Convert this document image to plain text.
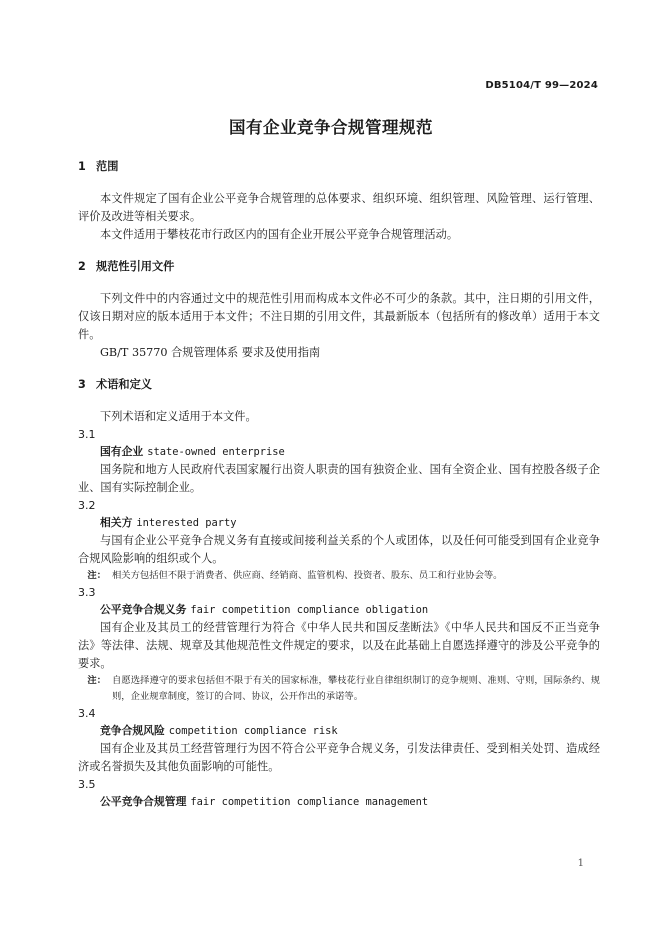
DB5104/T 99—2024
国有企业竞争合规管理规范
1 范围

本文件规定了国有企业公平竞争合规管理的总体要求、组织环境、组织管理、风险管理、运行管理、评价及改进等相关要求。

本文件适用于攀枝花市行政区内的国有企业开展公平竞争合规管理活动。

2 规范性引用文件

下列文件中的内容通过文中的规范性引用而构成本文件必不可少的条款。其中，注日期的引用文件，仅该日期对应的版本适用于本文件；不注日期的引用文件，其最新版本（包括所有的修改单）适用于本文件。

GB/T 35770 合规管理体系 要求及使用指南

3 术语和定义

下列术语和定义适用于本文件。

3.1
国有企业 state-owned enterprise

国务院和地方人民政府代表国家履行出资人职责的国有独资企业、国有全资企业、国有控股各级子企业、国有实际控制企业。

3.2
相关方 interested party

与国有企业公平竞争合规义务有直接或间接利益关系的个人或团体，以及任何可能受到国有企业竞争合规风险影响的组织或个人。

注： 相关方包括但不限于消费者、供应商、经销商、监管机构、投资者、股东、员工和行业协会等。
3.3
公平竞争合规义务 fair competition compliance obligation

国有企业及其员工的经营管理行为符合《中华人民共和国反垄断法》《中华人民共和国反不正当竞争法》等法律、法规、规章及其他规范性文件规定的要求，以及在此基础上自愿选择遵守的涉及公平竞争的要求。

注： 自愿选择遵守的要求包括但不限于有关的国家标准，攀枝花行业自律组织制订的竞争规则、准则、守则，国际条约、规则，企业规章制度，签订的合同、协议，公开作出的承诺等。
3.4
竞争合规风险 competition compliance risk

国有企业及其员工经营管理行为因不符合公平竞争合规义务，引发法律责任、受到相关处罚、造成经济或名誉损失及其他负面影响的可能性。

3.5
公平竞争合规管理 fair competition compliance management
1
